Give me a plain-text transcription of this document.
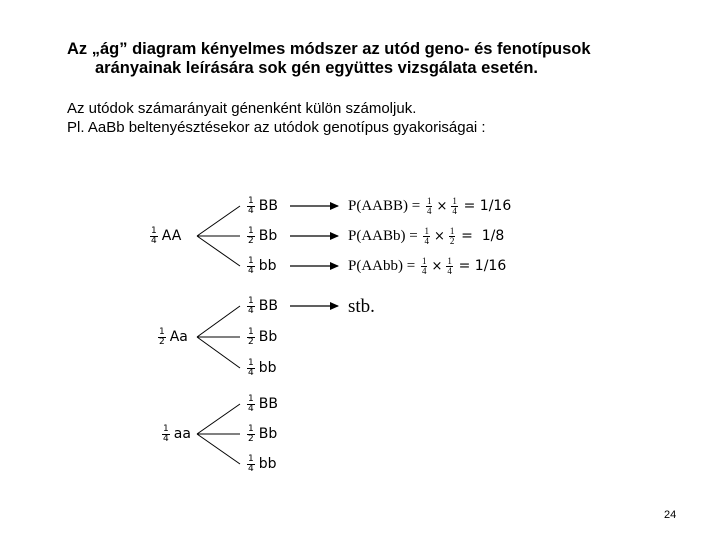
Az „ág” diagram kényelmes módszer az utód geno- és fenotípusok
arányainak leírására sok gén együttes vizsgálata esetén.
Az utódok számarányait génenként külön számoljuk.
Pl. AaBb beltenyésztésekor az utódok genotípus gyakoriságai :
$\frac{1}{4}$ AA
$\frac{1}{2}$ Aa
$\frac{1}{4}$ aa
$\frac{1}{4}$ BB
$\frac{1}{2}$ Bb
$\frac{1}{4}$ bb
$\frac{1}{4}$ BB
$\frac{1}{2}$ Bb
$\frac{1}{4}$ bb
$\frac{1}{4}$ BB
$\frac{1}{2}$ Bb
$\frac{1}{4}$ bb
P(AABB) = $\frac{1}{4} \times \frac{1}{4} = 1/16$
P(AABb) = $\frac{1}{4} \times \frac{1}{2} = 1/8$
P(AAbb) = $\frac{1}{4} \times \frac{1}{4} = 1/16$
stb.
24
